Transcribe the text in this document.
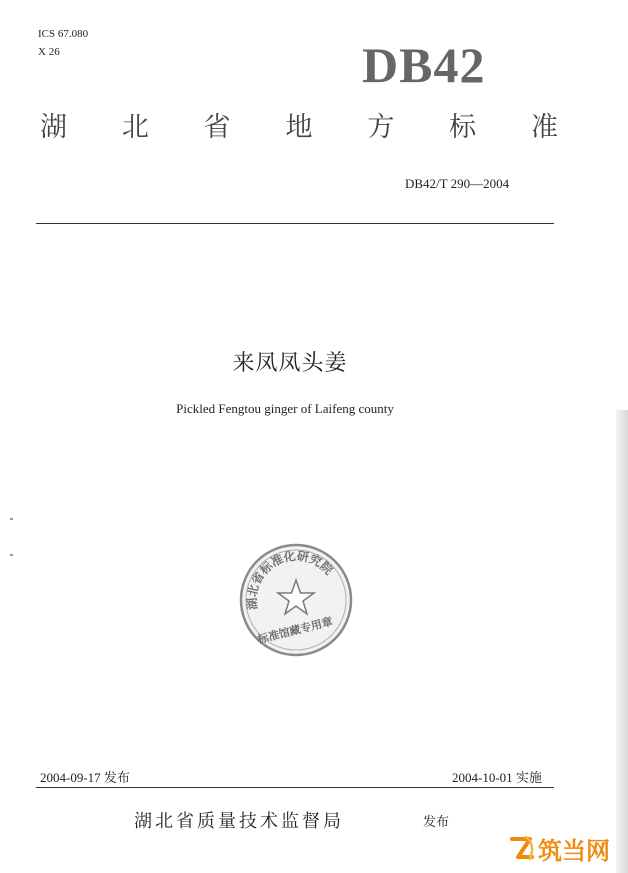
ICS 67.080
X 26	DB42
湖 北 省 地 方 标 准
DB42/T 290—2004
来凤凤头姜
Pickled Fengtou ginger of Laifeng county
湖北省标准化研究院
标准馆藏专用章
2004-09-17 发布	2004-10-01 实施
湖北省质量技术监督局	发布
筑当网
